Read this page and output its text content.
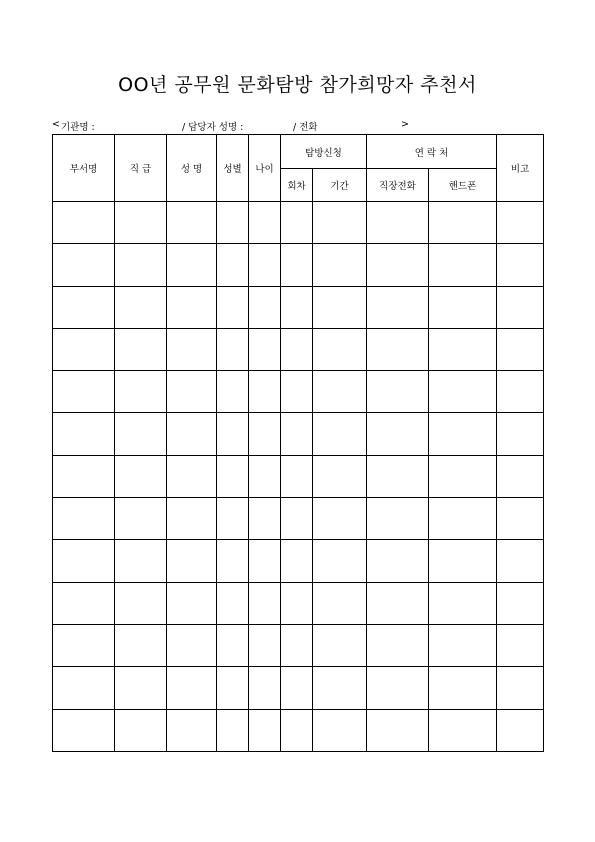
OO년 공무원 문화탐방 참가희망자 추천서
< 기관명 :	/ 담당자 성명 :	/ 전화	>
부서명	직 급	성 명	성별	나이	탐방신청		연 락 처		비고
					회차	기간	직장전화	핸드폰	
